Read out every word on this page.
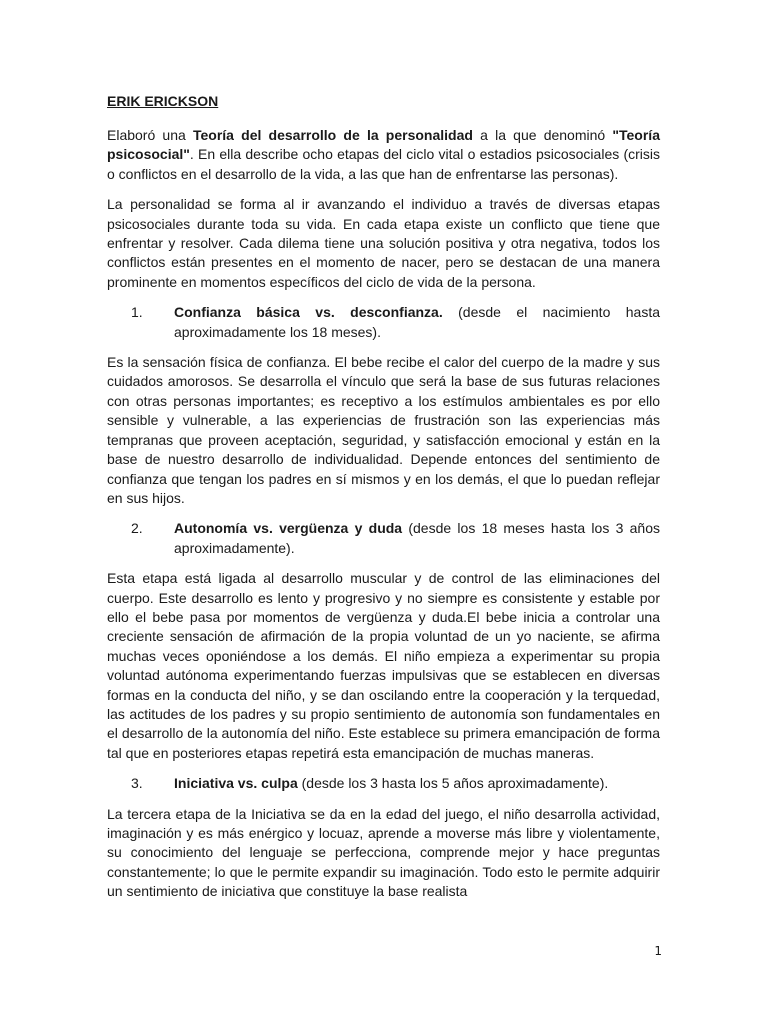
ERIK ERICKSON

Elaboró una Teoría del desarrollo de la personalidad a la que denominó "Teoría psicosocial". En ella describe ocho etapas del ciclo vital o estadios psicosociales (crisis o conflictos en el desarrollo de la vida, a las que han de enfrentarse las personas).

La personalidad se forma al ir avanzando el individuo a través de diversas etapas psicosociales durante toda su vida. En cada etapa existe un conflicto que tiene que enfrentar y resolver. Cada dilema tiene una solución positiva y otra negativa, todos los conflictos están presentes en el momento de nacer, pero se destacan de una manera prominente en momentos específicos del ciclo de vida de la persona.

1.	Confianza básica vs. desconfianza. (desde el nacimiento hasta aproximadamente los 18 meses).

Es la sensación física de confianza. El bebe recibe el calor del cuerpo de la madre y sus cuidados amorosos. Se desarrolla el vínculo que será la base de sus futuras relaciones con otras personas importantes; es receptivo a los estímulos ambientales es por ello sensible y vulnerable, a las experiencias de frustración son las experiencias más tempranas que proveen aceptación, seguridad, y satisfacción emocional y están en la base de nuestro desarrollo de individualidad. Depende entonces del sentimiento de confianza que tengan los padres en sí mismos y en los demás, el que lo puedan reflejar en sus hijos.

2.	Autonomía vs. vergüenza y duda (desde los 18 meses hasta los 3 años aproximadamente).

Esta etapa está ligada al desarrollo muscular y de control de las eliminaciones del cuerpo. Este desarrollo es lento y progresivo y no siempre es consistente y estable por ello el bebe pasa por momentos de vergüenza y duda.El bebe inicia a controlar una creciente sensación de afirmación de la propia voluntad de un yo naciente, se afirma muchas veces oponiéndose a los demás. El niño empieza a experimentar su propia voluntad autónoma experimentando fuerzas impulsivas que se establecen en diversas formas en la conducta del niño, y se dan oscilando entre la cooperación y la terquedad, las actitudes de los padres y su propio sentimiento de autonomía son fundamentales en el desarrollo de la autonomía del niño. Este establece su primera emancipación de forma tal que en posteriores etapas repetirá esta emancipación de muchas maneras.

3.	Iniciativa vs. culpa (desde los 3 hasta los 5 años aproximadamente).

La tercera etapa de la Iniciativa se da en la edad del juego, el niño desarrolla actividad, imaginación y es más enérgico y locuaz, aprende a moverse más libre y violentamente, su conocimiento del lenguaje se perfecciona, comprende mejor y hace preguntas constantemente; lo que le permite expandir su imaginación. Todo esto le permite adquirir un sentimiento de iniciativa que constituye la base realista

1
